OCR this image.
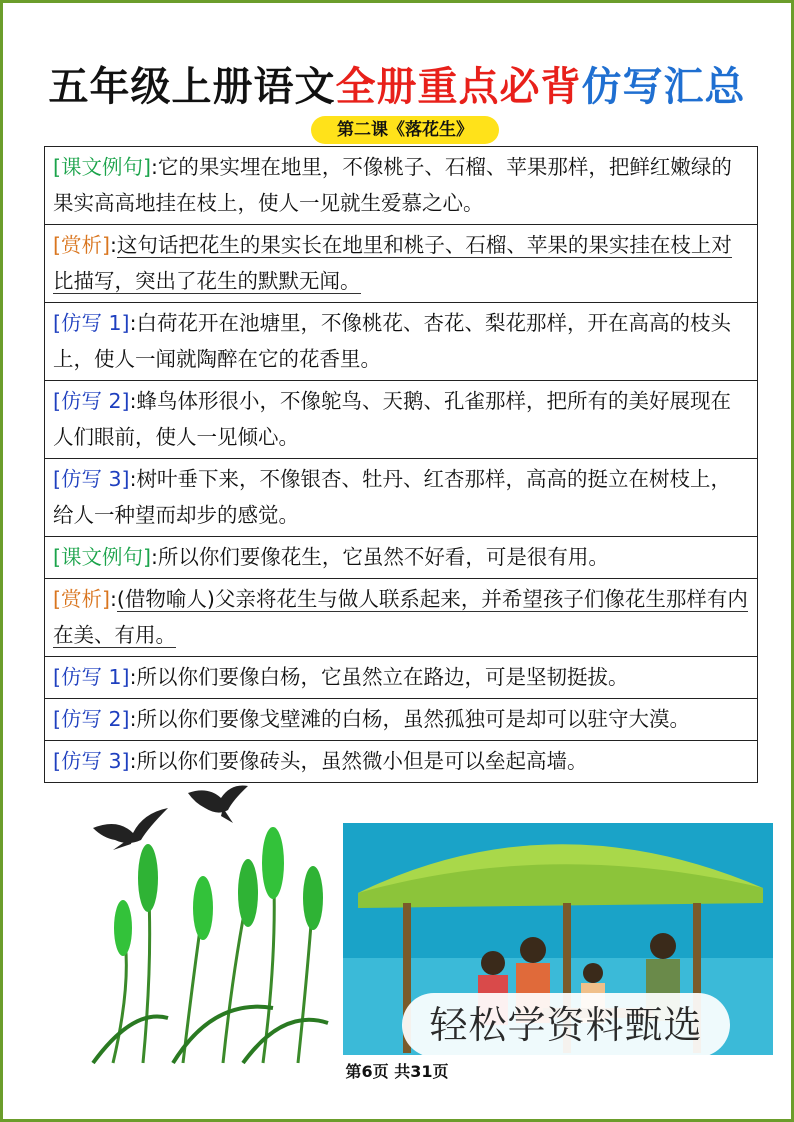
五年级上册语文全册重点必背仿写汇总
第二课《落花生》
[课文例句]:它的果实埋在地里，不像桃子、石榴、苹果那样，把鲜红嫩绿的果实高高地挂在枝上，使人一见就生爱慕之心。
[赏析]:这句话把花生的果实长在地里和桃子、石榴、苹果的果实挂在枝上对比描写，突出了花生的默默无闻。
[仿写 1]:白荷花开在池塘里，不像桃花、杏花、梨花那样，开在高高的枝头上，使人一闻就陶醉在它的花香里。
[仿写 2]:蜂鸟体形很小，不像鸵鸟、天鹅、孔雀那样，把所有的美好展现在人们眼前，使人一见倾心。
[仿写 3]:树叶垂下来，不像银杏、牡丹、红杏那样，高高的挺立在树枝上，给人一种望而却步的感觉。
[课文例句]:所以你们要像花生，它虽然不好看，可是很有用。
[赏析]:(借物喻人)父亲将花生与做人联系起来，并希望孩子们像花生那样有内在美、有用。
[仿写 1]:所以你们要像白杨，它虽然立在路边，可是坚韧挺拔。
[仿写 2]:所以你们要像戈壁滩的白杨，虽然孤独可是却可以驻守大漠。
[仿写 3]:所以你们要像砖头，虽然微小但是可以垒起高墙。
轻松学资料甄选
第6页 共31页
